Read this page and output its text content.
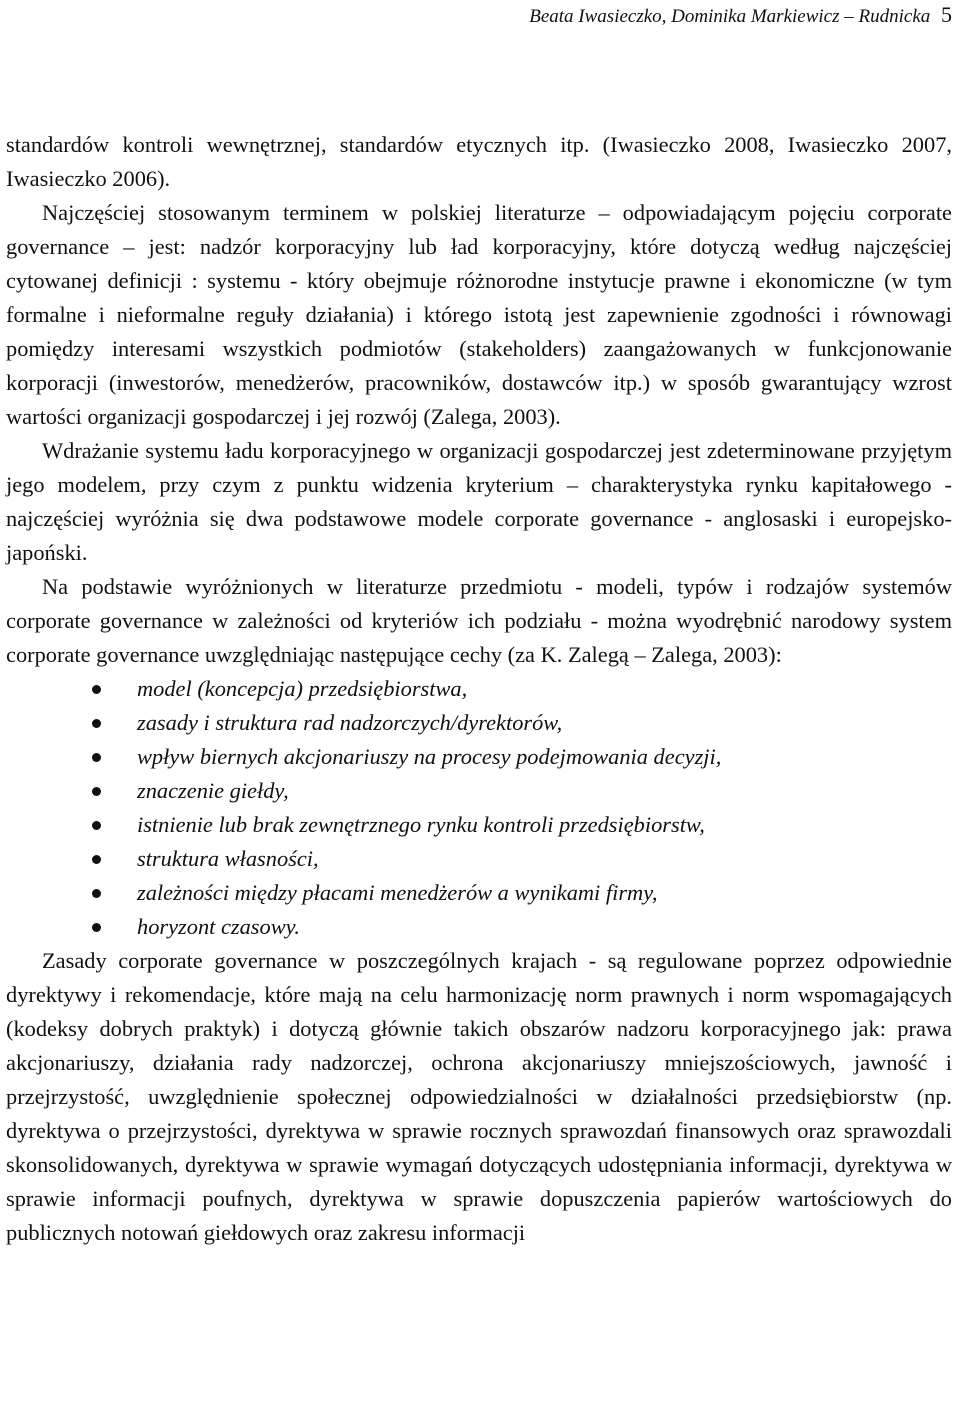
Beata Iwasieczko, Dominika Markiewicz – Rudnicka 5

standardów kontroli wewnętrznej, standardów etycznych itp. (Iwasieczko 2008, Iwasieczko 2007, Iwasieczko 2006).

Najczęściej stosowanym terminem w polskiej literaturze – odpowiadającym pojęciu corporate governance – jest: nadzór korporacyjny lub ład korporacyjny, które dotyczą według najczęściej cytowanej definicji : systemu - który obejmuje różnorodne instytucje prawne i ekonomiczne (w tym formalne i nieformalne reguły działania) i którego istotą jest zapewnienie zgodności i równowagi pomiędzy interesami wszystkich podmiotów (stakeholders) zaangażowanych w funkcjonowanie korporacji (inwestorów, menedżerów, pracowników, dostawców itp.) w sposób gwarantujący wzrost wartości organizacji gospodarczej i jej rozwój (Zalega, 2003).

Wdrażanie systemu ładu korporacyjnego w organizacji gospodarczej jest zdeterminowane przyjętym jego modelem, przy czym z punktu widzenia kryterium – charakterystyka rynku kapitałowego - najczęściej wyróżnia się dwa podstawowe modele corporate governance - anglosaski i europejsko-japoński.

Na podstawie wyróżnionych w literaturze przedmiotu - modeli, typów i rodzajów systemów corporate governance w zależności od kryteriów ich podziału - można wyodrębnić narodowy system corporate governance uwzględniając następujące cechy (za K. Zalegą – Zalega, 2003):

model (koncepcja) przedsiębiorstwa,
zasady i struktura rad nadzorczych/dyrektorów,
wpływ biernych akcjonariuszy na procesy podejmowania decyzji,
znaczenie giełdy,
istnienie lub brak zewnętrznego rynku kontroli przedsiębiorstw,
struktura własności,
zależności między płacami menedżerów a wynikami firmy,
horyzont czasowy.

Zasady corporate governance w poszczególnych krajach - są regulowane poprzez odpowiednie dyrektywy i rekomendacje, które mają na celu harmonizację norm prawnych i norm wspomagających (kodeksy dobrych praktyk) i dotyczą głównie takich obszarów nadzoru korporacyjnego jak: prawa akcjonariuszy, działania rady nadzorczej, ochrona akcjonariuszy mniejszościowych, jawność i przejrzystość, uwzględnienie społecznej odpowiedzialności w działalności przedsiębiorstw (np. dyrektywa o przejrzystości, dyrektywa w sprawie rocznych sprawozdań finansowych oraz sprawozdali skonsolidowanych, dyrektywa w sprawie wymagań dotyczących udostępniania informacji, dyrektywa w sprawie informacji poufnych, dyrektywa w sprawie dopuszczenia papierów wartościowych do publicznych notowań giełdowych oraz zakresu informacji
